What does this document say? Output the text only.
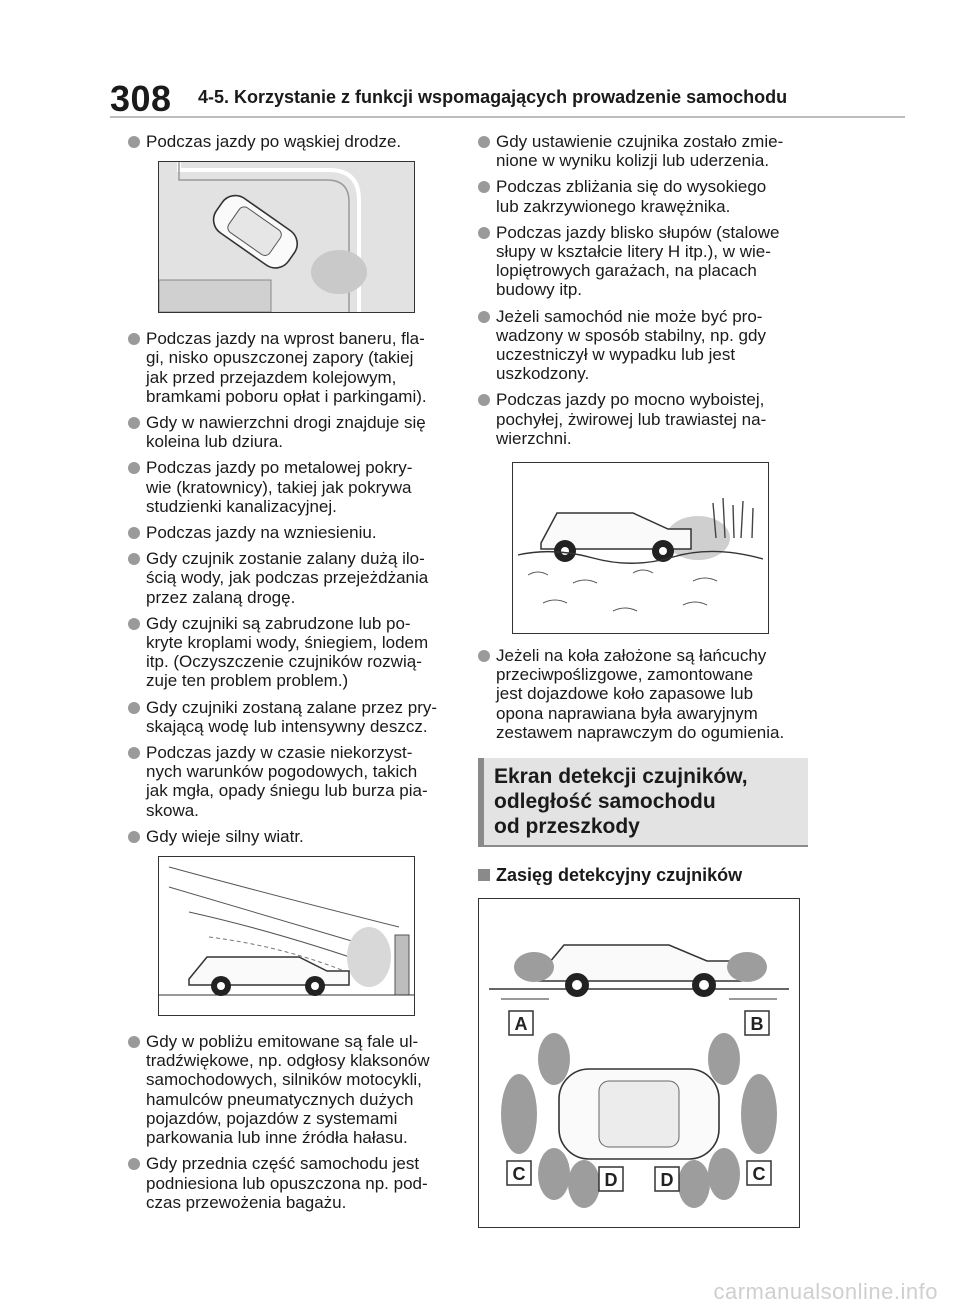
308 4-5. Korzystanie z funkcji wspomagających prowadzenie samochodu
Podczas jazdy po wąskiej drodze.
Podczas jazdy na wprost baneru, fla-
gi, nisko opuszczonej zapory (takiej
jak przed przejazdem kolejowym,
bramkami poboru opłat i parkingami).
Gdy w nawierzchni drogi znajduje się
koleina lub dziura.
Podczas jazdy po metalowej pokry-
wie (kratownicy), takiej jak pokrywa
studzienki kanalizacyjnej.
Podczas jazdy na wzniesieniu.
Gdy czujnik zostanie zalany dużą ilo-
ścią wody, jak podczas przejeżdżania
przez zalaną drogę.
Gdy czujniki są zabrudzone lub po-
kryte kroplami wody, śniegiem, lodem
itp. (Oczyszczenie czujników rozwią-
zuje ten problem problem.)
Gdy czujniki zostaną zalane przez pry-
skającą wodę lub intensywny deszcz.
Podczas jazdy w czasie niekorzyst-
nych warunków pogodowych, takich
jak mgła, opady śniegu lub burza pia-
skowa.
Gdy wieje silny wiatr.
Gdy w pobliżu emitowane są fale ul-
tradźwiękowe, np. odgłosy klaksonów
samochodowych, silników motocykli,
hamulców pneumatycznych dużych
pojazdów, pojazdów z systemami
parkowania lub inne źródła hałasu.
Gdy przednia część samochodu jest
podniesiona lub opuszczona np. pod-
czas przewożenia bagażu.
Gdy ustawienie czujnika zostało zmie-
nione w wyniku kolizji lub uderzenia.
Podczas zbliżania się do wysokiego
lub zakrzywionego krawężnika.
Podczas jazdy blisko słupów (stalowe
słupy w kształcie litery H itp.), w wie-
lopiętrowych garażach, na placach
budowy itp.
Jeżeli samochód nie może być pro-
wadzony w sposób stabilny, np. gdy
uczestniczył w wypadku lub jest
uszkodzony.
Podczas jazdy po mocno wyboistej,
pochyłej, żwirowej lub trawiastej na-
wierzchni.
Jeżeli na koła założone są łańcuchy
przeciwpoślizgowe, zamontowane
jest dojazdowe koło zapasowe lub
opona naprawiana była awaryjnym
zestawem naprawczym do ogumienia.
Ekran detekcji czujników,
odległość samochodu
od przeszkody
Zasięg detekcyjny czujników
A	B
C	D D	C
carmanualsonline.info
